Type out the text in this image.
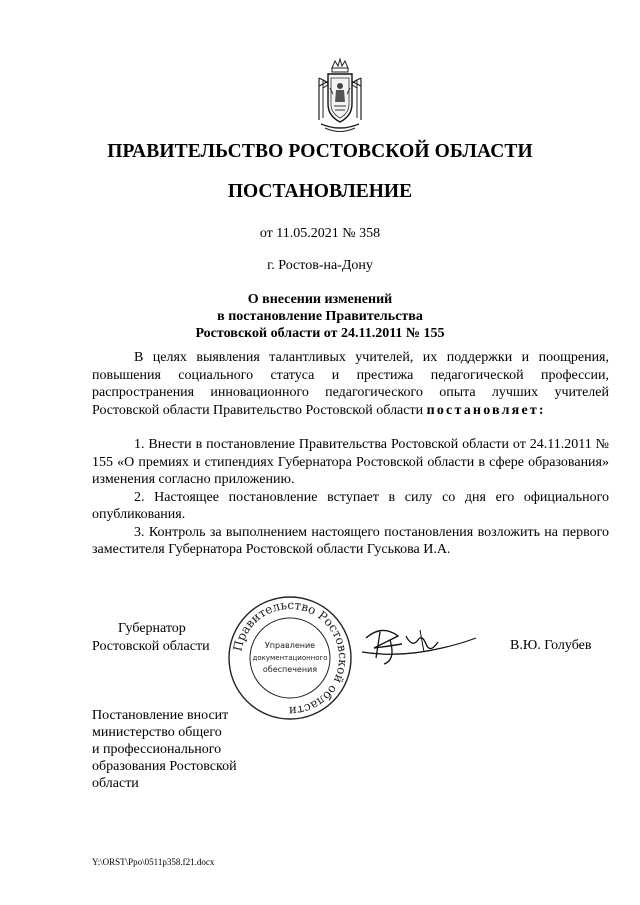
ПРАВИТЕЛЬСТВО РОСТОВСКОЙ ОБЛАСТИ
ПОСТАНОВЛЕНИЕ
от 11.05.2021 № 358
г. Ростов-на-Дону
О внесении изменений
в постановление Правительства
Ростовской области от 24.11.2011 № 155

В целях выявления талантливых учителей, их поддержки и поощрения, повышения социального статуса и престижа педагогической профессии, распространения инновационного педагогического опыта лучших учителей Ростовской области Правительство Ростовской области постановляет:

1. Внести в постановление Правительства Ростовской области от 24.11.2011 № 155 «О премиях и стипендиях Губернатора Ростовской области в сфере образования» изменения согласно приложению.

2. Настоящее постановление вступает в силу со дня его официального опубликования.

3. Контроль за выполнением настоящего постановления возложить на первого заместителя Губернатора Ростовской области Гуськова И.А.

Губернатор
Ростовской области Правительство Ростовской области
Управление
документационного
обеспечения
В.Ю. Голубев
Постановление вносит
министерство общего
и профессионального
образования Ростовской
области
Y:\ORST\Ppo\0511p358.f21.docx
